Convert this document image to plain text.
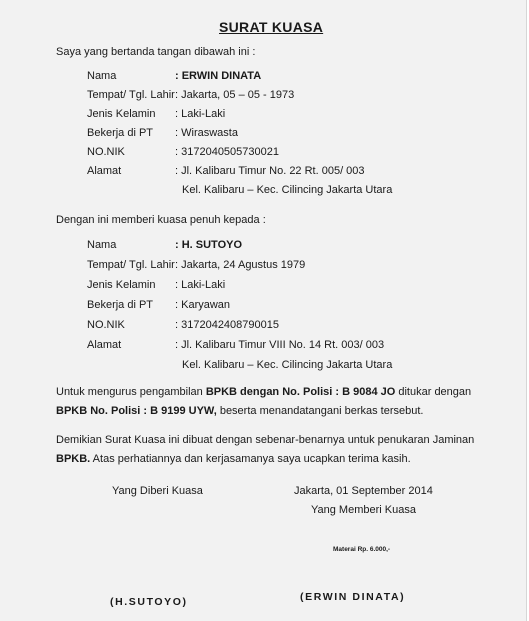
SURAT KUASA
Saya yang bertanda tangan dibawah ini :
Nama	: ERWIN DINATA
Tempat/ Tgl. Lahir : Jakarta, 05 – 05 - 1973
Jenis Kelamin : Laki-Laki
Bekerja di PT : Wiraswasta
NO.NIK	: 3172040505730021
Alamat	: Jl. Kalibaru Timur No. 22 Rt. 005/ 003
Kel. Kalibaru – Kec. Cilincing Jakarta Utara
Dengan ini memberi kuasa penuh kepada :
Nama	: H. SUTOYO
Tempat/ Tgl. Lahir : Jakarta, 24 Agustus 1979
Jenis Kelamin : Laki-Laki
Bekerja di PT : Karyawan
NO.NIK	: 3172042408790015
Alamat	: Jl. Kalibaru Timur VIII No. 14 Rt. 003/ 003
Kel. Kalibaru – Kec. Cilincing Jakarta Utara
Untuk mengurus pengambilan BPKB dengan No. Polisi : B 9084 JO ditukar dengan
BPKB No. Polisi : B 9199 UYW, beserta menandatangani berkas tersebut.
Demikian Surat Kuasa ini dibuat dengan sebenar-benarnya untuk penukaran Jaminan
BPKB. Atas perhatiannya dan kerjasamanya saya ucapkan terima kasih.
Yang Diberi Kuasa	Jakarta, 01 September 2014
Yang Memberi Kuasa
Materai Rp. 6.000,-
(H.SUTOYO)	(ERWIN DINATA)
